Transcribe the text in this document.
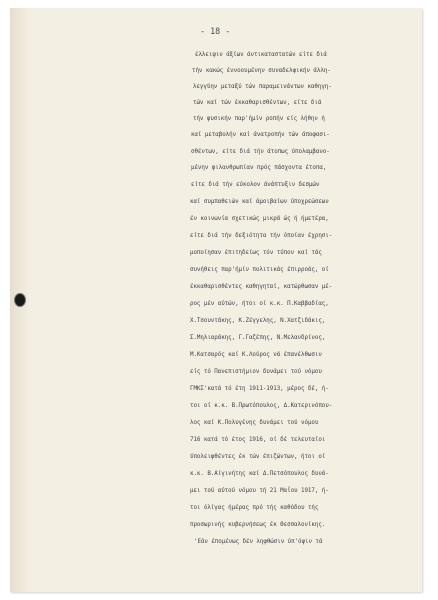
- 18 -
έλλειψιν άξίων άντικαταστατών είτε διά
τήν κακώς έννοουμένην συναδελφικήν άλλη-
λεγγύην μεταξύ τών παραμεινάντων καθηγη-
τών καί τών έκκαθαρισθέντων, είτε διά
τήν φυσικήν παρ'ήμίν ροπήν είς λήθην ή
καί μεταβολήν καί άνατροπήν τών άποφασι-
σθέντων, είτε διά τήν άτοπως ύπολαμβανο-
μένην φιλανθρωπίαν πρός πάσχοντα έτοπα,
είτε διά τήν εύκολον άνάπτυξιν δεσμών
καί συμπαθειών καί άμοιβαίων ύποχρεώσεων
έν κοινωνία σχετικώς μικρά ώς ή ήμετέρα,
είτε διά τήν δεξιότητα τήν όποίαν έχρησι-
μοποίησαν έπιτηδείως τόν τύπον καί τάς
συνήθεις παρ'ήμίν πολιτικάς έπιρροάς, οί
έκκαθαρισθέντες καθηγηταί, κατώρθωσαν μέ-
ρος μέν αύτών, ήτοι οί κ.κ. Π.Καββαδίας,
Χ.Τσουντάκης, Κ.Ζέγγελης, Ν.Χατζιδάκις,
Σ.Μηλιαράκης, Γ.Γαζέπης, Ν.Μελανδρίνος,
Μ.Κατσαρός καί Κ.Λούρος νά έπανέλθωσιν
είς τό Πανεπιστήμιον δυνάμει τού νόμου
ΓΜΚΣ'κατά τό έτη 1911-1913, μέρος δέ, ή-
τοι οί κ.κ. Β.Πρωτόπουλος, Δ.Κατερινόπου-
λος καί Κ.Πολυγένης δυνάμει τού νόμου
716 κατά τό έτος 1916, οί δέ τελευταίοι
ύπολειφθέντες έκ τών έπιζώντων, ήτοι οί
κ.κ. Β.Αίγινήτης καί Δ.Πετσόπουλος δυνά-
μει τού αύτού νόμου τή 21 Μαΐου 1917, ή-
τοι όλίγας ήμέρας πρό τής καθόδου τής
προσωρινής κυβερνήσεως έκ Θεσσαλονίκης.
'Εάν έπομένως δέν ληφθώσιν ύπ'όψιν τά
